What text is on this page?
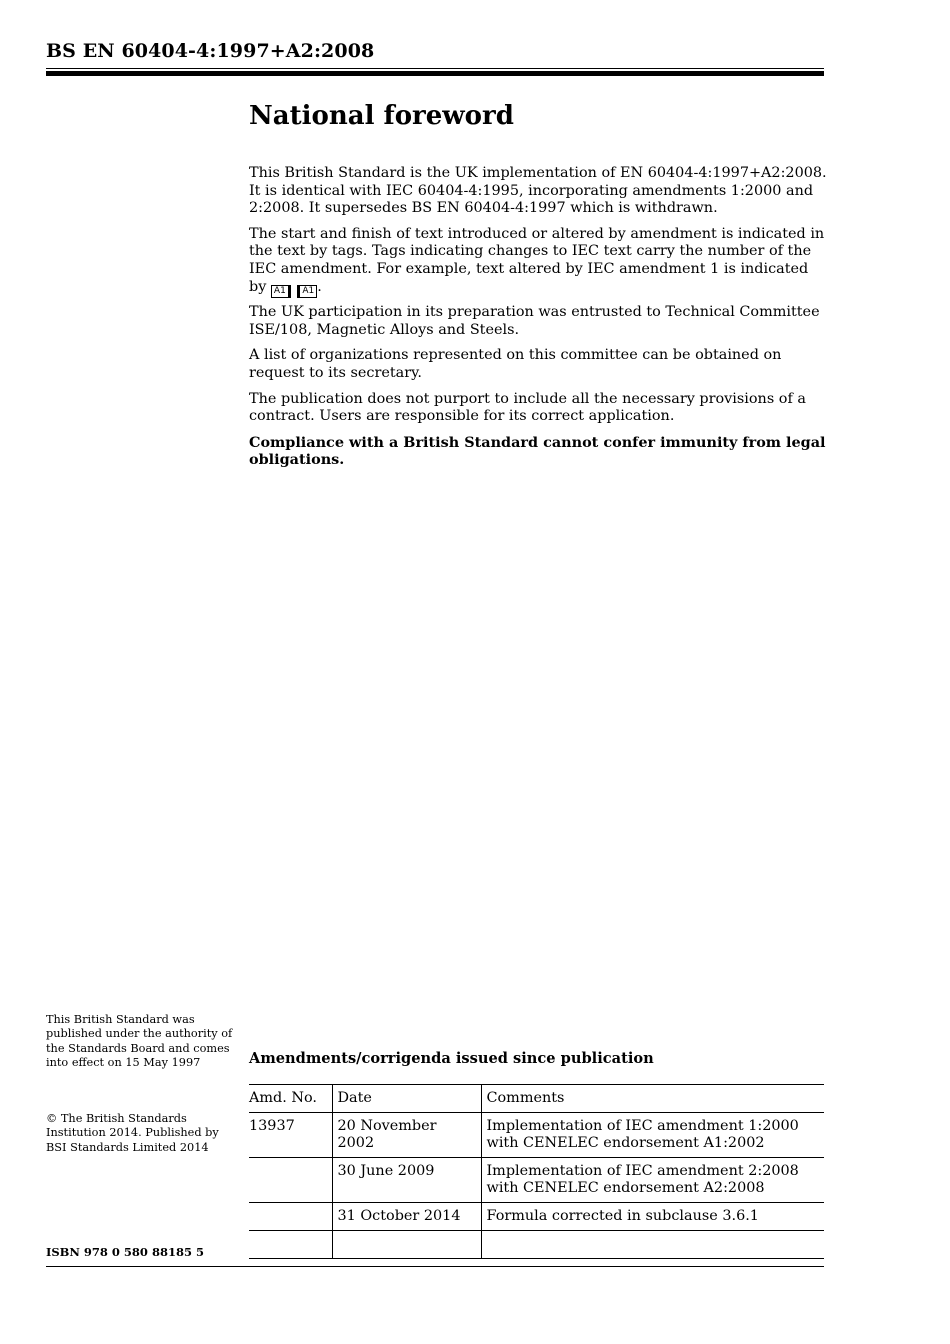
BS EN 60404-4:1997+A2:2008
National foreword

This British Standard is the UK implementation of EN 60404-4:1997+A2:2008. It is identical with IEC 60404-4:1995, incorporating amendments 1:2000 and 2:2008. It supersedes BS EN 60404-4:1997 which is withdrawn.

The start and finish of text introduced or altered by amendment is indicated in the text by tags. Tags indicating changes to IEC text carry the number of the IEC amendment. For example, text altered by IEC amendment 1 is indicated by A1 A1 .

The UK participation in its preparation was entrusted to Technical Committee ISE/108, Magnetic Alloys and Steels.

A list of organizations represented on this committee can be obtained on request to its secretary.

The publication does not purport to include all the necessary provisions of a contract. Users are responsible for its correct application.

Compliance with a British Standard cannot confer immunity from legal obligations.

This British Standard was published under the authority of the Standards Board and comes into effect on 15 May 1997

© The British Standards Institution 2014. Published by BSI Standards Limited 2014

ISBN 978 0 580 88185 5
Amendments/corrigenda issued since publication
Amd. No.	Date	Comments
13937	20 November 2002	Implementation of IEC amendment 1:2000 with CENELEC endorsement A1:2002
	30 June 2009	Implementation of IEC amendment 2:2008 with CENELEC endorsement A2:2008
	31 October 2014	Formula corrected in subclause 3.6.1
